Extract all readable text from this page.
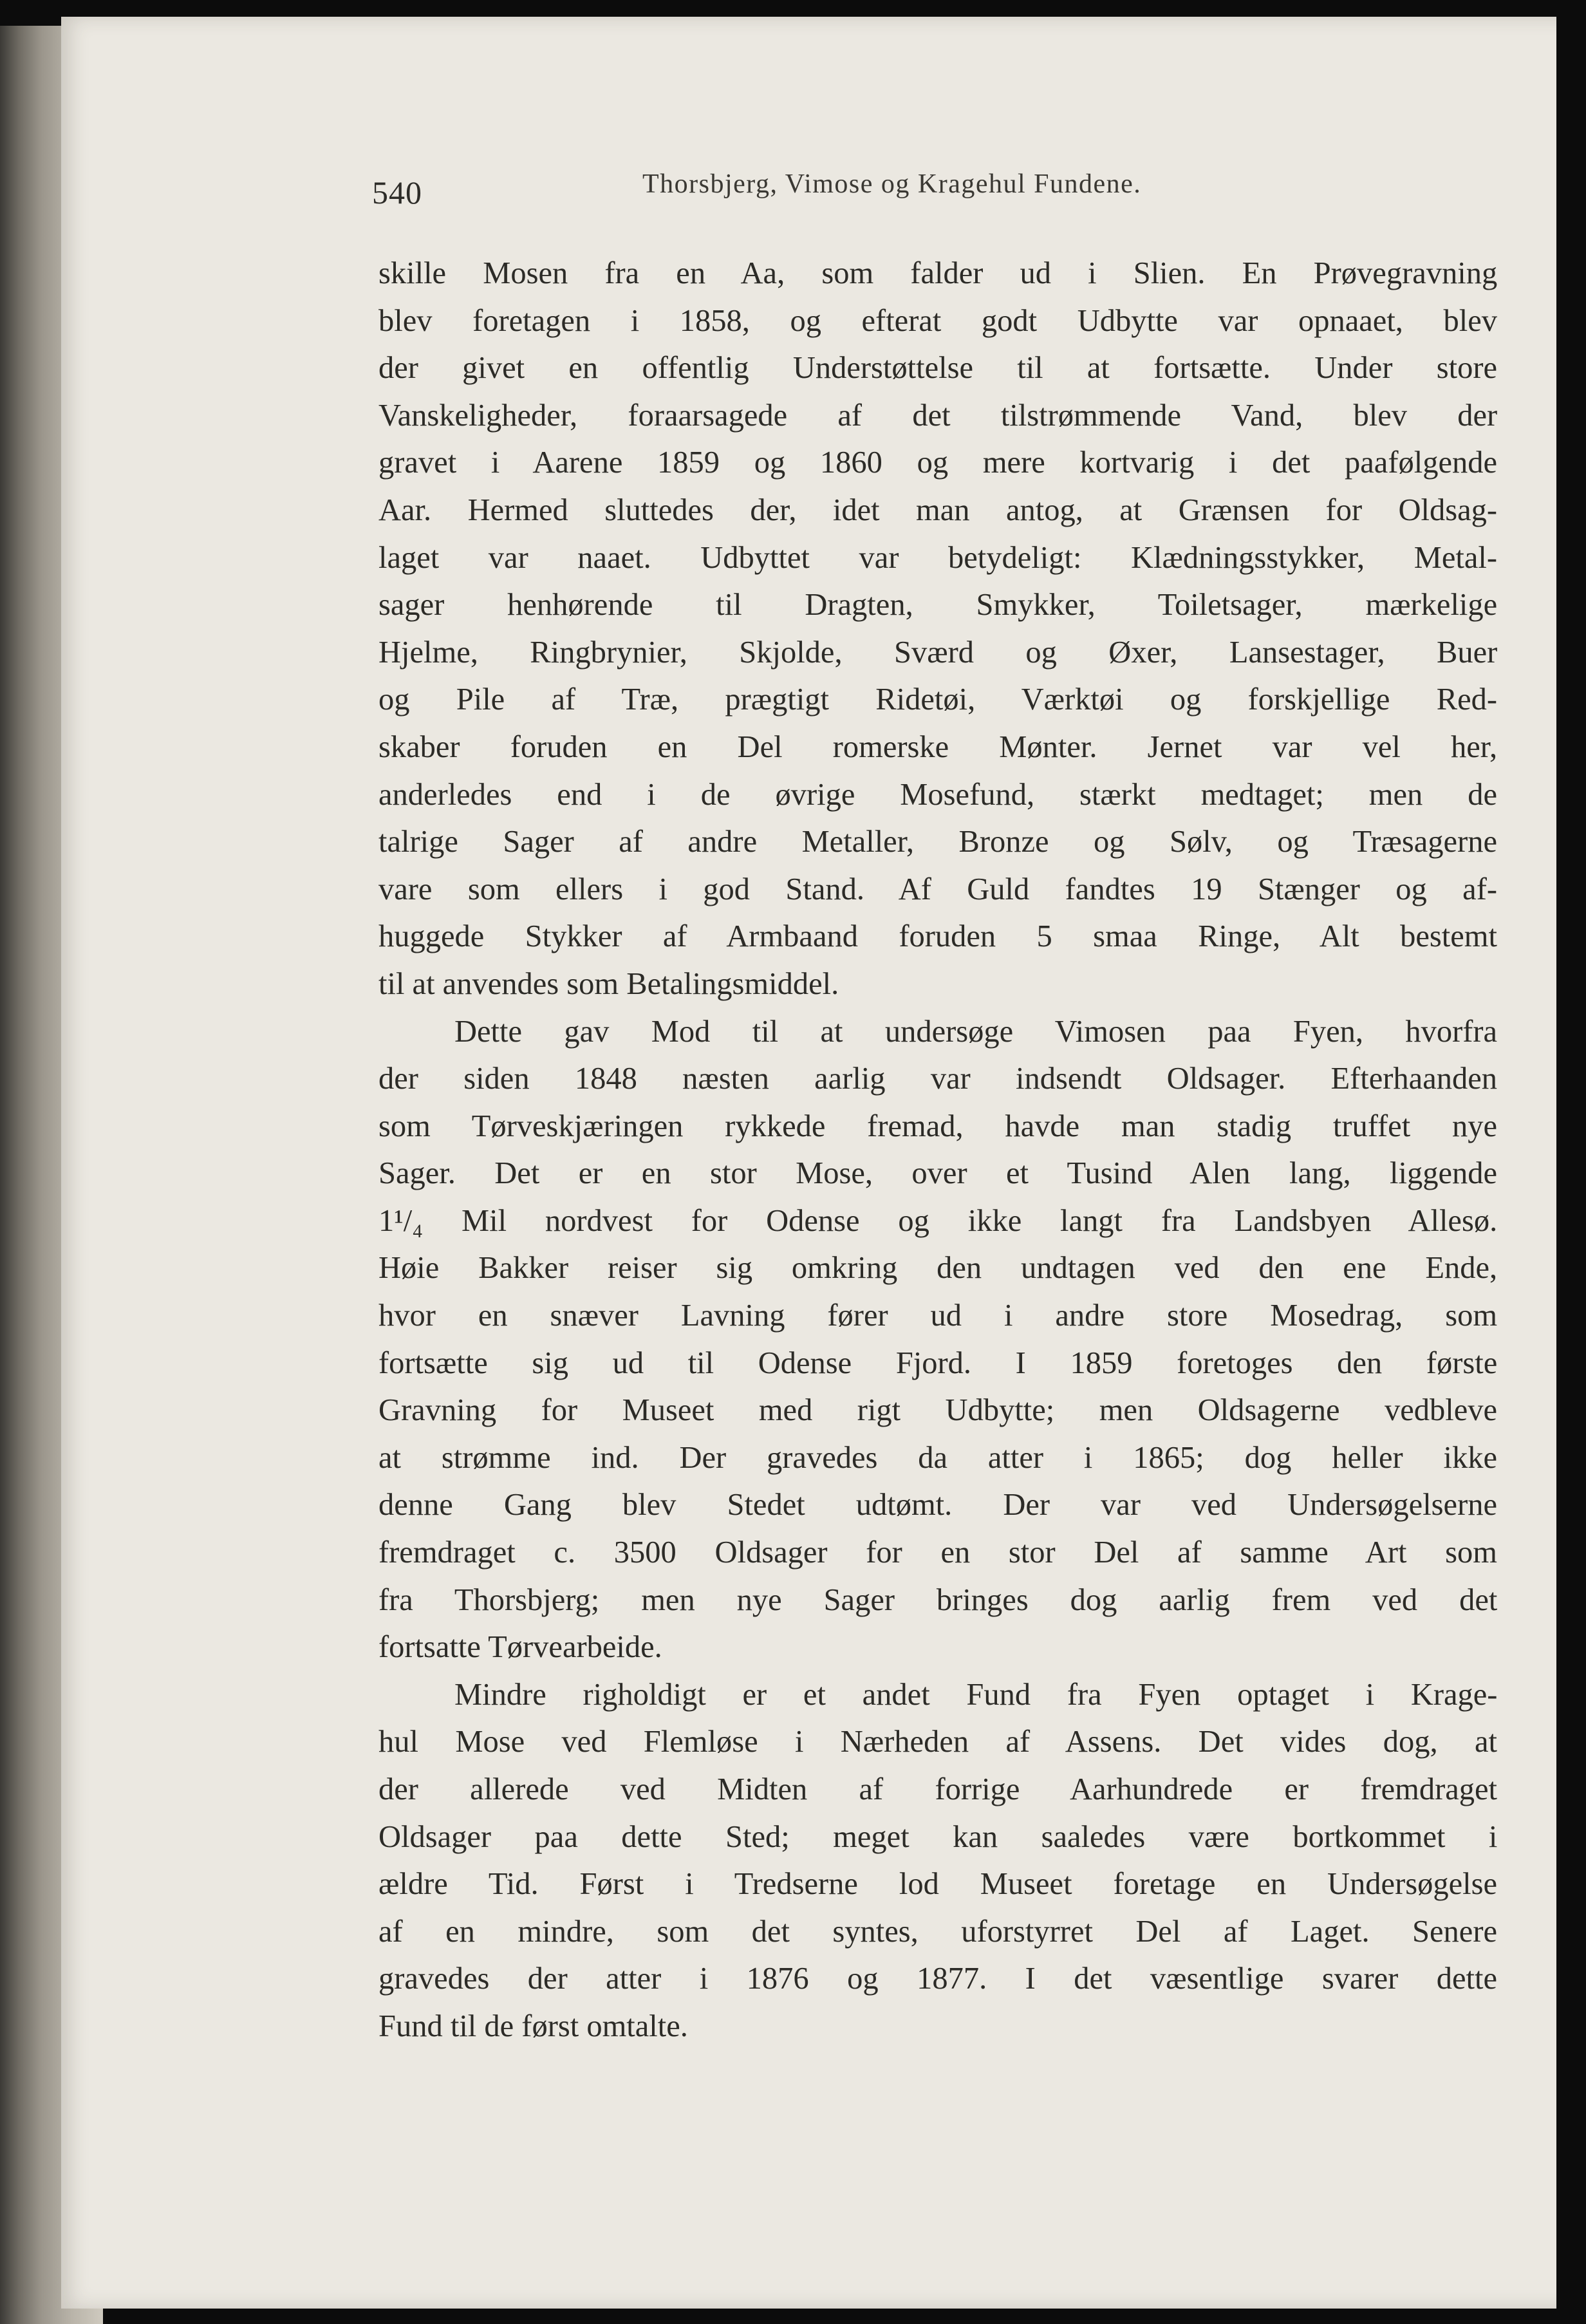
540	Thorsbjerg, Vimose og Kragehul Fundene.
skille Mosen fra en Aa, som falder ud i Slien. En Prøvegravning
blev foretagen i 1858, og efterat godt Udbytte var opnaaet, blev
der givet en offentlig Understøttelse til at fortsætte. Under store
Vanskeligheder, foraarsagede af det tilstrømmende Vand, blev der
gravet i Aarene 1859 og 1860 og mere kortvarig i det paafølgende
Aar. Hermed sluttedes der, idet man antog, at Grænsen for Oldsag-
laget var naaet. Udbyttet var betydeligt: Klædningsstykker, Metal-
sager henhørende til Dragten, Smykker, Toiletsager, mærkelige
Hjelme, Ringbrynier, Skjolde, Sværd og Øxer, Lansestager, Buer
og Pile af Træ, prægtigt Ridetøi, Værktøi og forskjellige Red-
skaber foruden en Del romerske Mønter. Jernet var vel her,
anderledes end i de øvrige Mosefund, stærkt medtaget; men de
talrige Sager af andre Metaller, Bronze og Sølv, og Træsagerne
vare som ellers i god Stand. Af Guld fandtes 19 Stænger og af-
huggede Stykker af Armbaand foruden 5 smaa Ringe, Alt bestemt
til at anvendes som Betalingsmiddel.
Dette gav Mod til at undersøge Vimosen paa Fyen, hvorfra
der siden 1848 næsten aarlig var indsendt Oldsager. Efterhaanden
som Tørveskjæringen rykkede fremad, havde man stadig truffet nye
Sager. Det er en stor Mose, over et Tusind Alen lang, liggende
1¹/₄ Mil nordvest for Odense og ikke langt fra Landsbyen Allesø.
Høie Bakker reiser sig omkring den undtagen ved den ene Ende,
hvor en snæver Lavning fører ud i andre store Mosedrag, som
fortsætte sig ud til Odense Fjord. I 1859 foretoges den første
Gravning for Museet med rigt Udbytte; men Oldsagerne vedbleve
at strømme ind. Der gravedes da atter i 1865; dog heller ikke
denne Gang blev Stedet udtømt. Der var ved Undersøgelserne
fremdraget c. 3500 Oldsager for en stor Del af samme Art som
fra Thorsbjerg; men nye Sager bringes dog aarlig frem ved det
fortsatte Tørvearbeide.
Mindre righoldigt er et andet Fund fra Fyen optaget i Krage-
hul Mose ved Flemløse i Nærheden af Assens. Det vides dog, at
der allerede ved Midten af forrige Aarhundrede er fremdraget
Oldsager paa dette Sted; meget kan saaledes være bortkommet i
ældre Tid. Først i Tredserne lod Museet foretage en Undersøgelse
af en mindre, som det syntes, uforstyrret Del af Laget. Senere
gravedes der atter i 1876 og 1877. I det væsentlige svarer dette
Fund til de først omtalte.
